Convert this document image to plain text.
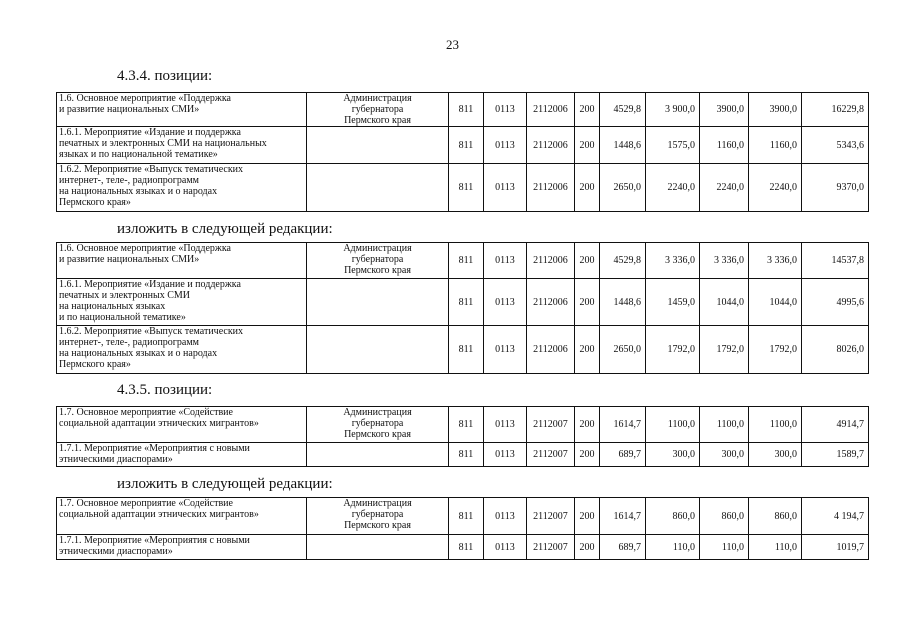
23
4.3.4. позиции:
1.6. Основное мероприятие «Поддержка
и развитие национальных СМИ»	Администрация
губернатора
Пермского края	811	0113	2112006	200	4529,8	3 900,0	3900,0	3900,0	16229,8
1.6.1. Мероприятие «Издание и поддержка
печатных и электронных СМИ на национальных
языках и по национальной тематике»		811	0113	2112006	200	1448,6	1575,0	1160,0	1160,0	5343,6
1.6.2. Мероприятие «Выпуск тематических
интернет-, теле-, радиопрограмм
на национальных языках и о народах
Пермского края»		811	0113	2112006	200	2650,0	2240,0	2240,0	2240,0	9370,0
изложить в следующей редакции:
1.6. Основное мероприятие «Поддержка
и развитие национальных СМИ»	Администрация
губернатора
Пермского края	811	0113	2112006	200	4529,8	3 336,0	3 336,0	3 336,0	14537,8
1.6.1. Мероприятие «Издание и поддержка
печатных и электронных СМИ
на национальных языках
и по национальной тематике»		811	0113	2112006	200	1448,6	1459,0	1044,0	1044,0	4995,6
1.6.2. Мероприятие «Выпуск тематических
интернет-, теле-, радиопрограмм
на национальных языках и о народах
Пермского края»		811	0113	2112006	200	2650,0	1792,0	1792,0	1792,0	8026,0
4.3.5. позиции:
1.7. Основное мероприятие «Содействие
социальной адаптации этнических мигрантов»	Администрация
губернатора
Пермского края	811	0113	2112007	200	1614,7	1100,0	1100,0	1100,0	4914,7
1.7.1. Мероприятие «Мероприятия с новыми
этническими диаспорами»		811	0113	2112007	200	689,7	300,0	300,0	300,0	1589,7
изложить в следующей редакции:
1.7. Основное мероприятие «Содействие
социальной адаптации этнических мигрантов»	Администрация
губернатора
Пермского края	811	0113	2112007	200	1614,7	860,0	860,0	860,0	4 194,7
1.7.1. Мероприятие «Мероприятия с новыми
этническими диаспорами»		811	0113	2112007	200	689,7	110,0	110,0	110,0	1019,7
